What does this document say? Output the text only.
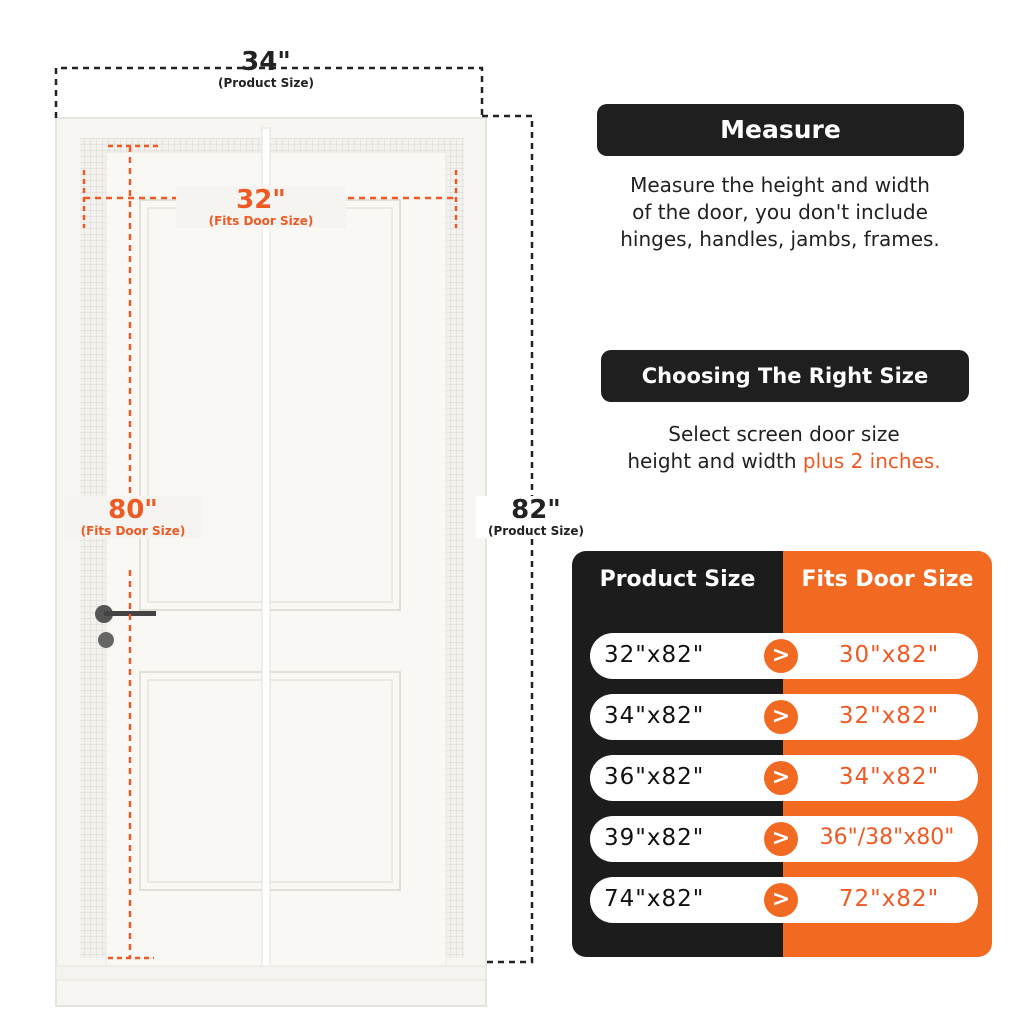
34"
(Product Size)
32"
(Fits Door Size)
80"
(Fits Door Size)
82"
(Product Size)
Measure
Measure the height and width
of the door, you don't include
hinges, handles, jambs, frames.
Choosing The Right Size
Select screen door size
height and width plus 2 inches.
Product Size	Fits Door Size
32"x82"	>	30"x82"
34"x82"	>	32"x82"
36"x82"	>	34"x82"
39"x82"	>	36"/38"x80"
74"x82"	>	72"x82"
